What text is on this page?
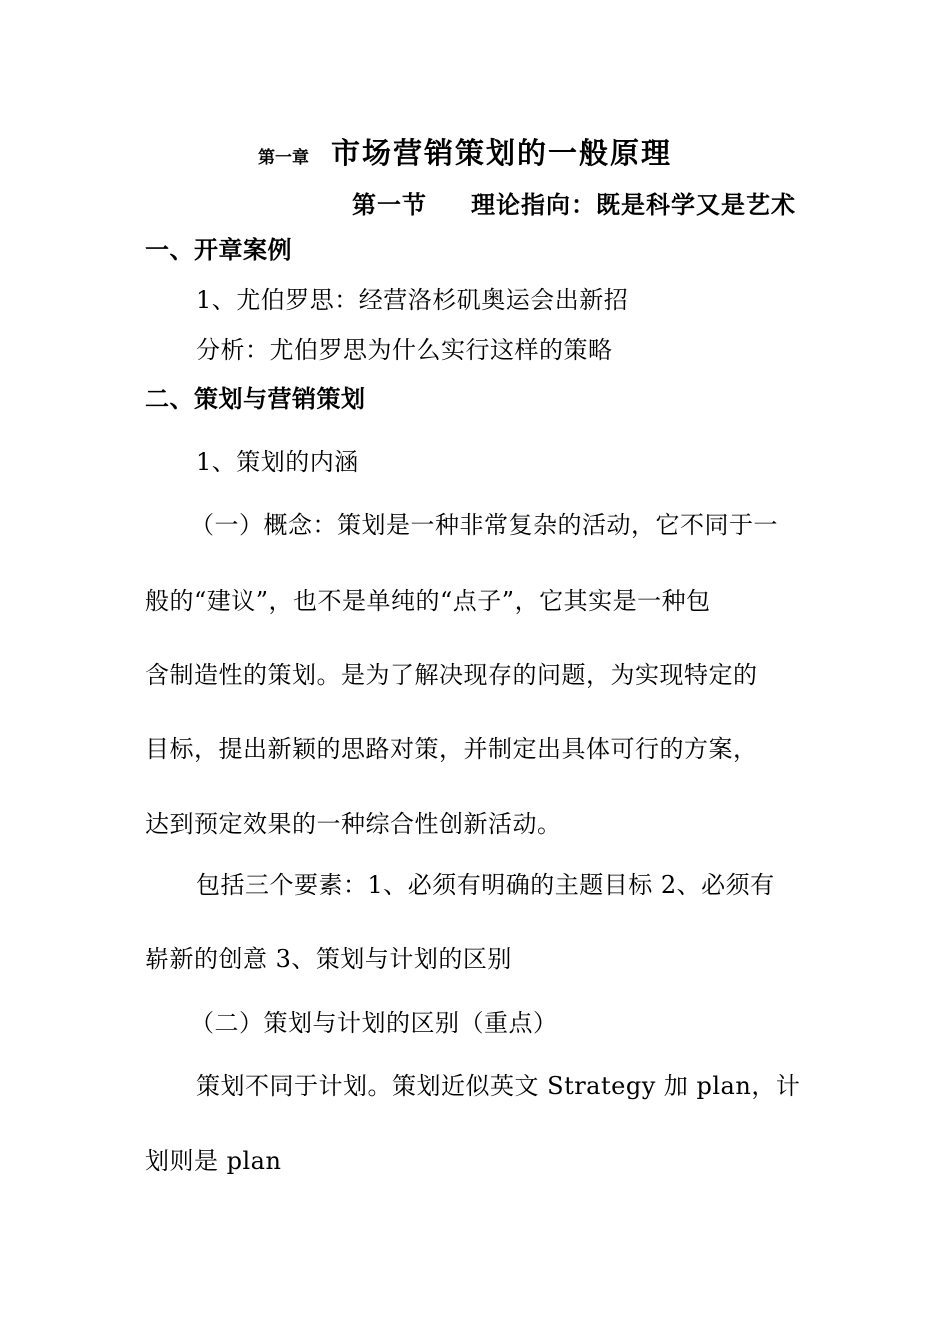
第一章 市场营销策划的一般原理
第一节 理论指向：既是科学又是艺术
一、开章案例
1、尤伯罗思：经营洛杉矶奥运会出新招
分析：尤伯罗思为什么实行这样的策略
二、策划与营销策划
1、策划的内涵
（一）概念：策划是一种非常复杂的活动，它不同于一
般的“建议”，也不是单纯的“点子”，它其实是一种包
含制造性的策划。是为了解决现存的问题，为实现特定的
目标，提出新颖的思路对策，并制定出具体可行的方案，
达到预定效果的一种综合性创新活动。
包括三个要素：1、必须有明确的主题目标 2、必须有
崭新的创意 3、策划与计划的区别
（二）策划与计划的区别（重点）
策划不同于计划。策划近似英文 Strategy 加 plan，计
划则是 plan
